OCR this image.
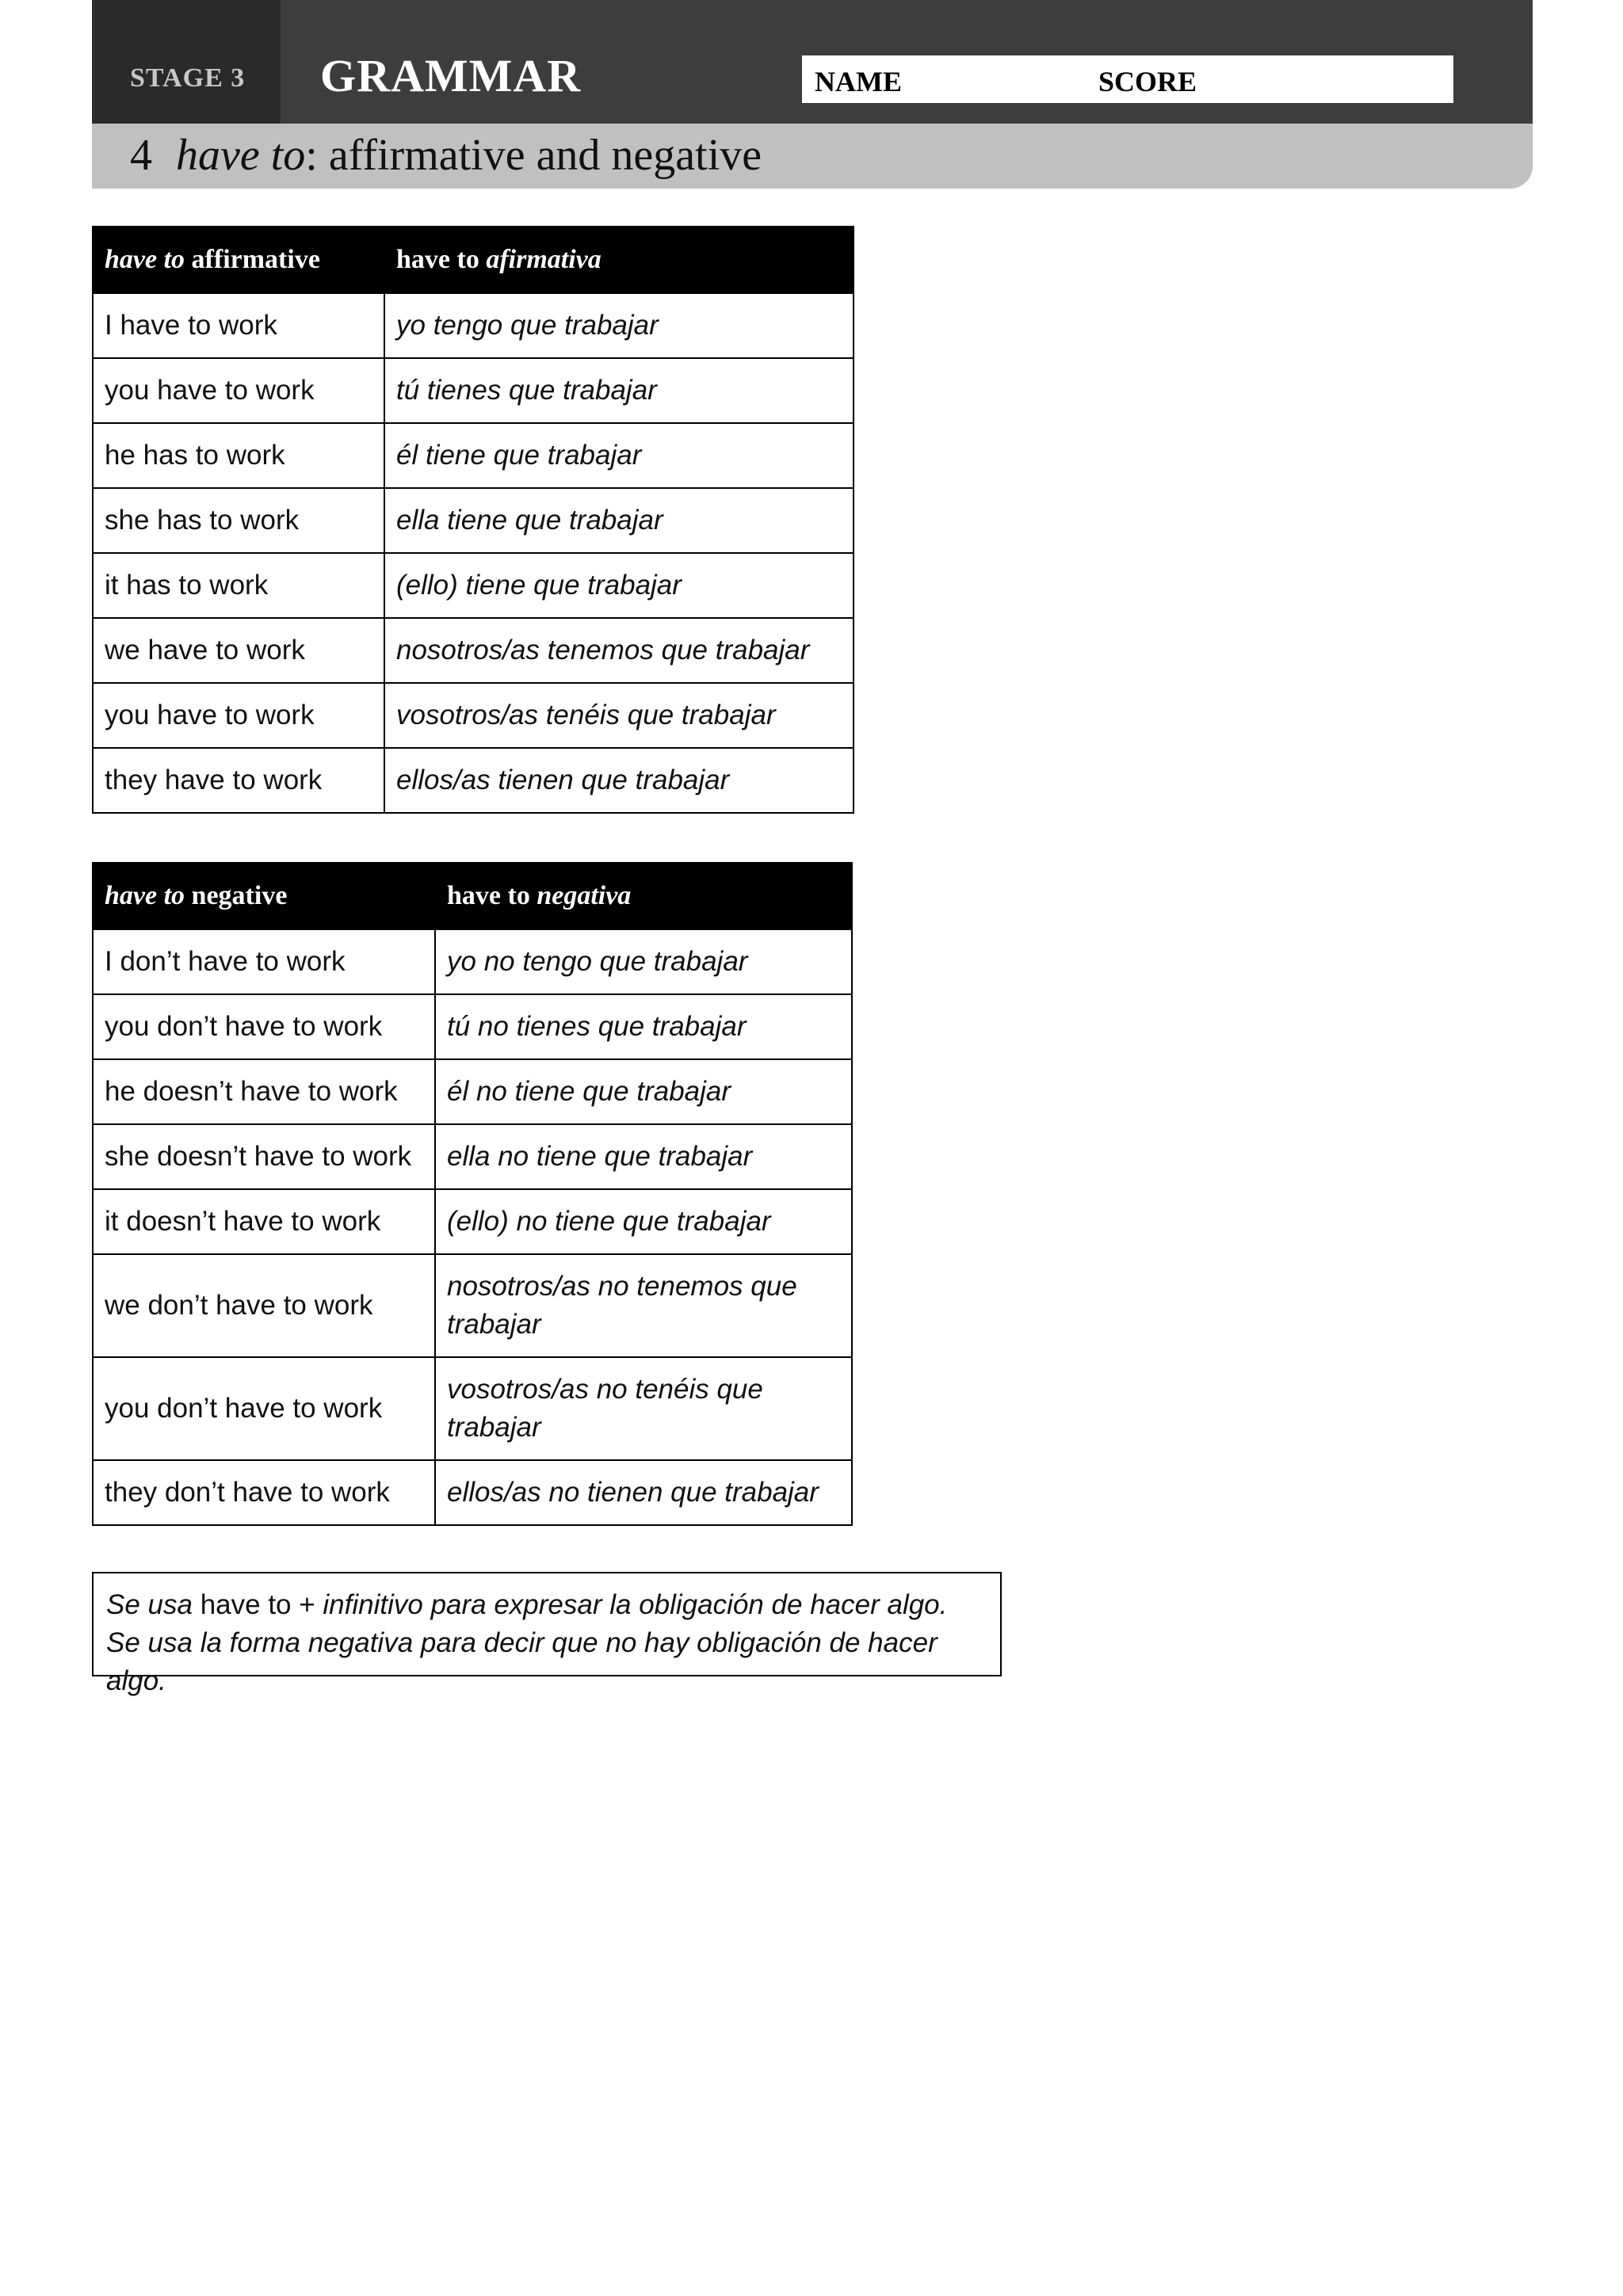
STAGE 3 GRAMMAR	NAME	SCORE
4 have to: affirmative and negative
have to affirmative	have to afirmativa
I have to work	yo tengo que trabajar
you have to work	tú tienes que trabajar
he has to work	él tiene que trabajar
she has to work	ella tiene que trabajar
it has to work	(ello) tiene que trabajar
we have to work	nosotros/as tenemos que trabajar
you have to work	vosotros/as tenéis que trabajar
they have to work	ellos/as tienen que trabajar
have to negative	have to negativa
I don’t have to work	yo no tengo que trabajar
you don’t have to work	tú no tienes que trabajar
he doesn’t have to work	él no tiene que trabajar
she doesn’t have to work	ella no tiene que trabajar
it doesn’t have to work	(ello) no tiene que trabajar
we don’t have to work	nosotros/as no tenemos que trabajar
you don’t have to work	vosotros/as no tenéis que trabajar
they don’t have to work	ellos/as no tienen que trabajar
Se usa have to + infinitivo para expresar la obligación de hacer algo.
Se usa la forma negativa para decir que no hay obligación de hacer algo.
